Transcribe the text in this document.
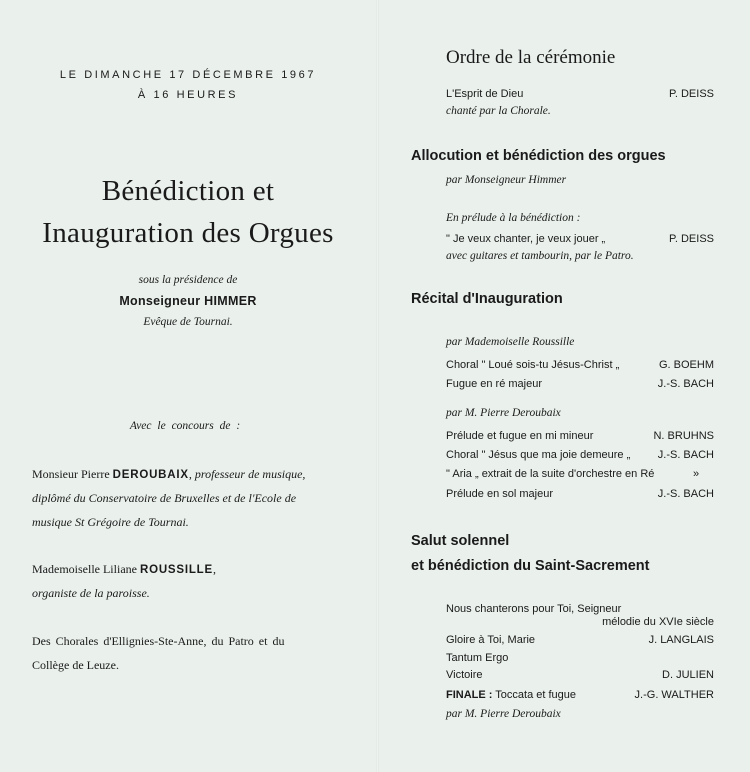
LE DIMANCHE 17 DÉCEMBRE 1967
À 16 HEURES
Bénédiction et
Inauguration des Orgues
sous la présidence de
Monseigneur HIMMER
Evêque de Tournai.
Avec le concours de :
Monsieur Pierre DEROUBAIX, professeur de musique,
diplômé du Conservatoire de Bruxelles et de l'Ecole de
musique St Grégoire de Tournai.
Mademoiselle Liliane ROUSSILLE,
organiste de la paroisse.
Des Chorales d'Ellignies-Ste-Anne, du Patro et du
Collège de Leuze.
Ordre de la cérémonie
L'Esprit de Dieu	P. DEISS
chanté par la Chorale.
Allocution et bénédiction des orgues
par Monseigneur Himmer
En prélude à la bénédiction :
" Je veux chanter, je veux jouer „	P. DEISS
avec guitares et tambourin, par le Patro.
Récital d'Inauguration
par Mademoiselle Roussille
Choral " Loué sois-tu Jésus-Christ „	G. BOEHM
Fugue en ré majeur	J.-S. BACH
par M. Pierre Deroubaix
Prélude et fugue en mi mineur	N. BRUHNS
Choral " Jésus que ma joie demeure „	J.-S. BACH
" Aria „ extrait de la suite d'orchestre en Ré	»
Prélude en sol majeur	J.-S. BACH
Salut solennel
et bénédiction du Saint-Sacrement
Nous chanterons pour Toi, Seigneur
mélodie du XVIe siècle
Gloire à Toi, Marie	J. LANGLAIS
Tantum Ergo
Victoire	D. JULIEN
FINALE : Toccata et fugue	J.-G. WALTHER
par M. Pierre Deroubaix
